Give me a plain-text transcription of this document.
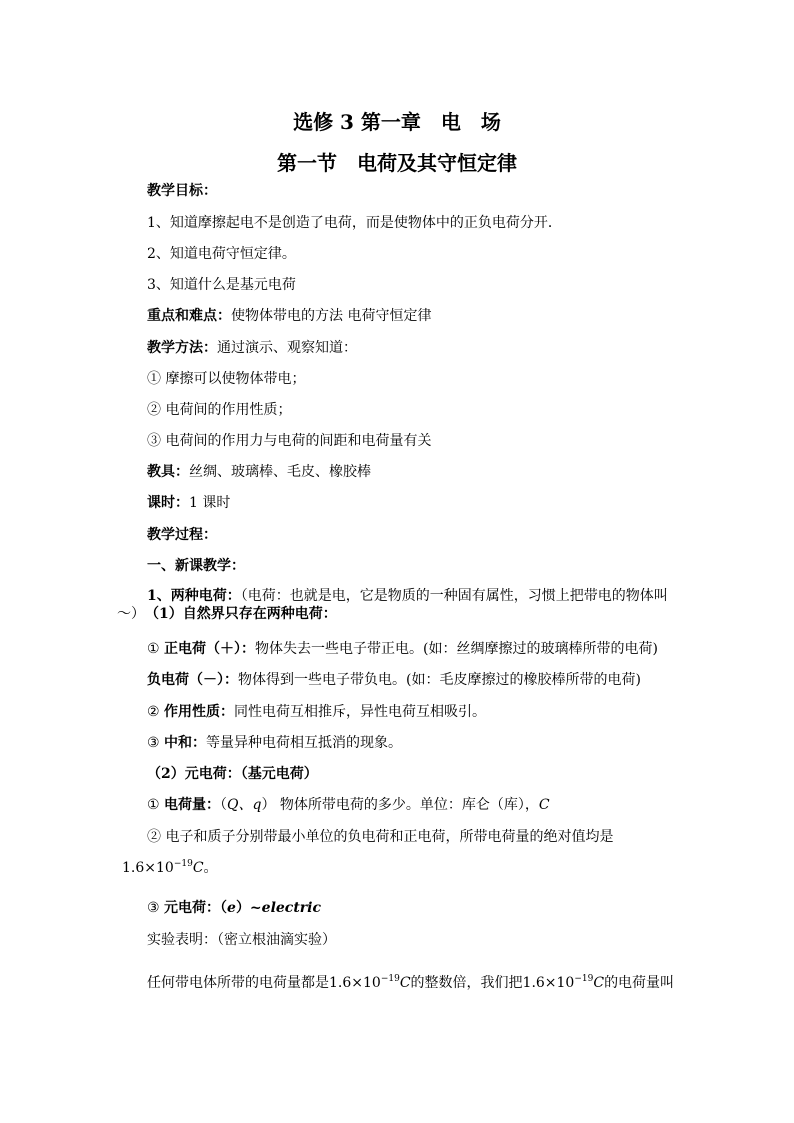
选修 3 第一章　电　场
第一节　电荷及其守恒定律
教学目标：
1、知道摩擦起电不是创造了电荷，而是使物体中的正负电荷分开．
2、知道电荷守恒定律。
3、知道什么是基元电荷
重点和难点：使物体带电的方法 电荷守恒定律
教学方法：通过演示、观察知道：
① 摩擦可以使物体带电；
② 电荷间的作用性质；
③ 电荷间的作用力与电荷的间距和电荷量有关
教具：丝绸、玻璃棒、毛皮、橡胶棒
课时：1 课时
教学过程：
一、新课教学：
1、两种电荷：（电荷：也就是电，它是物质的一种固有属性，习惯上把带电的物体叫～）　 （1）自然界只存在两种电荷：
① 正电荷（＋）：物体失去一些电子带正电。(如：丝绸摩擦过的玻璃棒所带的电荷)
负电荷（－）：物体得到一些电子带负电。(如：毛皮摩擦过的橡胶棒所带的电荷)
② 作用性质：同性电荷互相推斥，异性电荷互相吸引。
③ 中和：等量异种电荷相互抵消的现象。
（2）元电荷：（基元电荷）
① 电荷量：（Q、q） 物体所带电荷的多少。单位：库仑（库），C
② 电子和质子分别带最小单位的负电荷和正电荷，所带电荷量的绝对值均是
$1.6\times 10^{-19}C$。
③ 元电荷：（e）~electric
实验表明：（密立根油滴实验）
任何带电体所带的电荷量都是$1.6\times 10^{-19}C$的整数倍，我们把$1.6\times 10^{-19}C$的电荷量叫
